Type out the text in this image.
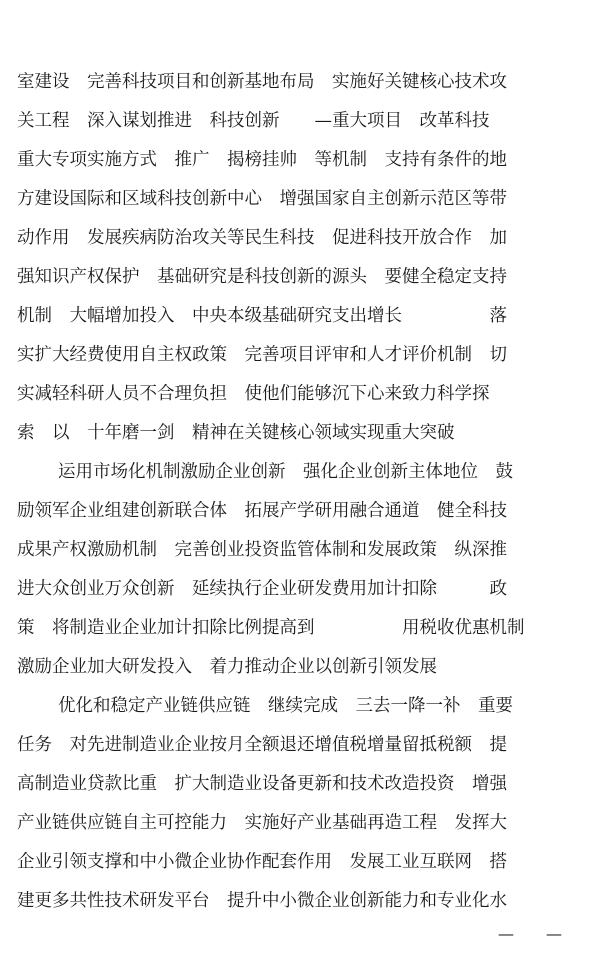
室建设　完善科技项目和创新基地布局　实施好关键核心技术攻
关工程　深入谋划推进　科技创新　　—重大项目　改革科技
重大专项实施方式　推广　揭榜挂帅　等机制　支持有条件的地
方建设国际和区域科技创新中心　增强国家自主创新示范区等带
动作用　发展疾病防治攻关等民生科技　促进科技开放合作　加
强知识产权保护　基础研究是科技创新的源头　要健全稳定支持
机制　大幅增加投入　中央本级基础研究支出增长　　　　　落
实扩大经费使用自主权政策　完善项目评审和人才评价机制　切
实减轻科研人员不合理负担　使他们能够沉下心来致力科学探
索　以　十年磨一剑　精神在关键核心领域实现重大突破
运用市场化机制激励企业创新　强化企业创新主体地位　鼓
励领军企业组建创新联合体　拓展产学研用融合通道　健全科技
成果产权激励机制　完善创业投资监管体制和发展政策　纵深推
进大众创业万众创新　延续执行企业研发费用加计扣除　　　政
策　将制造业企业加计扣除比例提高到　　　　　用税收优惠机制
激励企业加大研发投入　着力推动企业以创新引领发展
优化和稳定产业链供应链　继续完成　三去一降一补　重要
任务　对先进制造业企业按月全额退还增值税增量留抵税额　提
高制造业贷款比重　扩大制造业设备更新和技术改造投资　增强
产业链供应链自主可控能力　实施好产业基础再造工程　发挥大
企业引领支撑和中小微企业协作配套作用　发展工业互联网　搭
建更多共性技术研发平台　提升中小微企业创新能力和专业化水
—　　—
